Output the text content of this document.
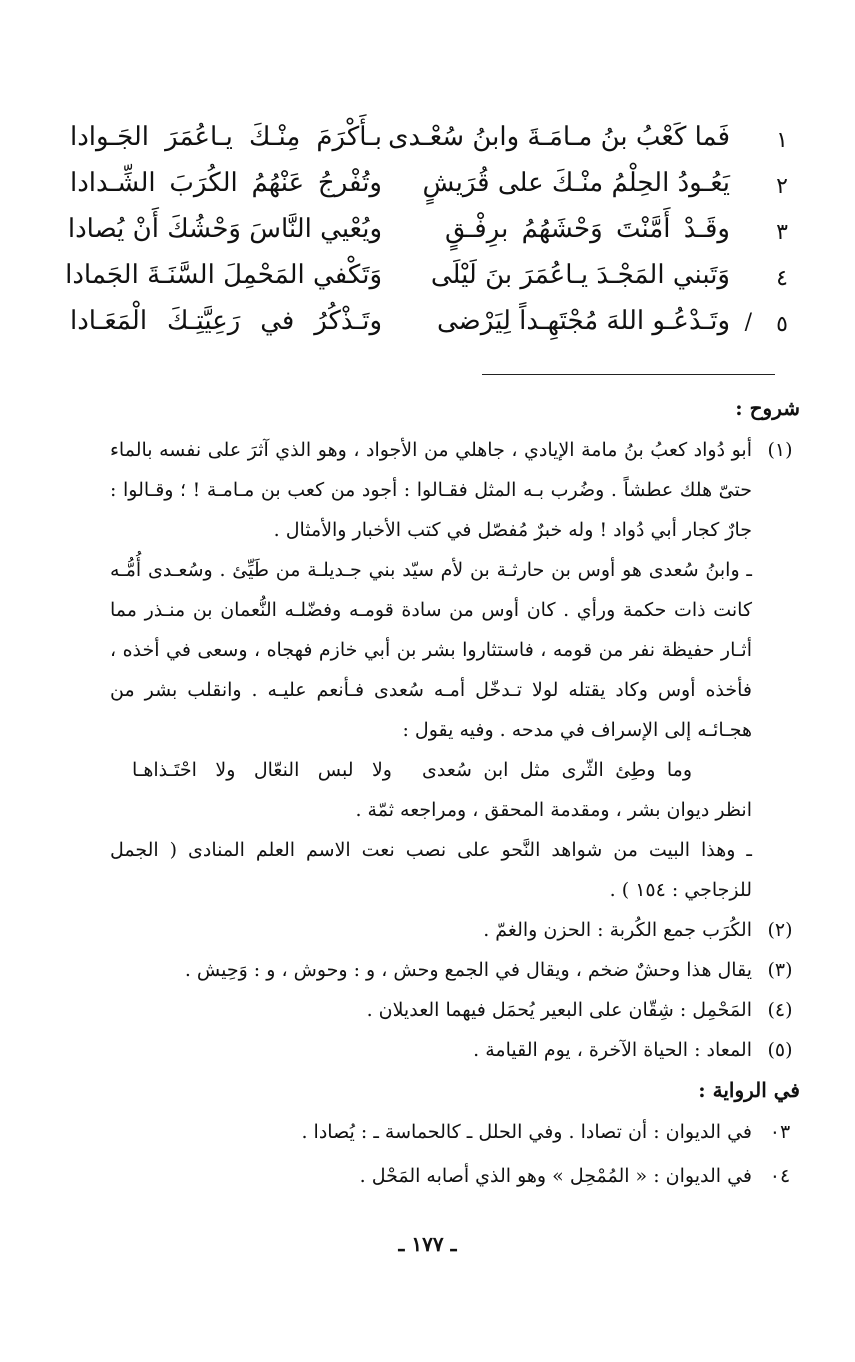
١
فَما كَعْبُ بنُ مـامَـةَ وابنُ سُعْـدى
بـأَكْرَمَ مِنْـكَ يـاعُمَرَ الجَـوادا
٢
يَعُـودُ الحِلْمُ منْـكَ على قُرَيشٍ
وتُفْرجُ عَنْهُمُ الكُرَبَ الشِّـدادا
٣
وقَـدْ أَمَّنْتَ وَحْشَهُمُ برِفْـقٍ
ويُعْيي النَّاسَ وَحْشُكَ أَنْ يُصادا
٤
وَتَبني المَجْـدَ يـاعُمَرَ بنَ لَيْلَى
وَتَكْفي المَحْمِلَ السَّنَـةَ الجَمادا
٥
/
وتَـدْعُـو اللهَ مُجْتَهِـداً لِيَرْضى
وتَـذْكُرُ في رَعِيَّتِـكَ الْمَعَـادا
شروح :
(١)

أبو دُواد كعبُ بنُ مامة الإيادي ، جاهلي من الأجواد ، وهو الذي آثرَ على نفسه بالماء حتىّ هلك عطشاً . وضُرب بـه المثل فقـالوا : أجود من كعب بن مـامـة ! ؛ وقـالوا : جارٌ كجار أبي دُواد ! وله خبرٌ مُفصّل في كتب الأخبار والأمثال .

ـ وابنُ سُعدى هو أوس بن حارثـة بن لأم سيّد بني جـديلـة من طَيِّئ . وسُعـدى أُمُّـه كانت ذات حكمة ورأي . كان أوس من سادة قومـه وفضّلـه النُّعمان بن منـذر مما أثـار حفيظة نفر من قومه ، فاستثاروا بشر بن أبي خازم فهجاه ، وسعى في أخذه ، فأخذه أوس وكاد يقتله لولا تـدخّل أمـه سُعدى فـأنعم عليـه . وانقلب بشر من هجـائـه إلى الإسراف في مدحه . وفيه يقول :

وما وطِئ الثّرى مثل ابن سُعدى
ولا لبس النعّال ولا احْتَـذاهـا

انظر ديوان بشر ، ومقدمة المحقق ، ومراجعه ثمّة .

ـ وهذا البيت من شواهد النَّحو على نصب نعت الاسم العلم المنادى ( الجمل للزجاجي : ١٥٤ ) .

(٢)
الكُرَب جمع الكُربة : الحزن والغمّ .
(٣)
يقال هذا وحشٌ ضخم ، ويقال في الجمع وحش ، و : وحوش ، و : وَحِيش .
(٤)
المَحْمِل : شِقّان على البعير يُحمَل فيهما العديلان .
(٥)
المعاد : الحياة الآخرة ، يوم القيامة .
في الرواية :
٠٣
في الديوان : أن تصادا . وفي الحلل ـ كالحماسة ـ : يُصادا .
٠٤
في الديوان : « المُمْحِل » وهو الذي أصابه المَحْل .
ـ ١٧٧ ـ
